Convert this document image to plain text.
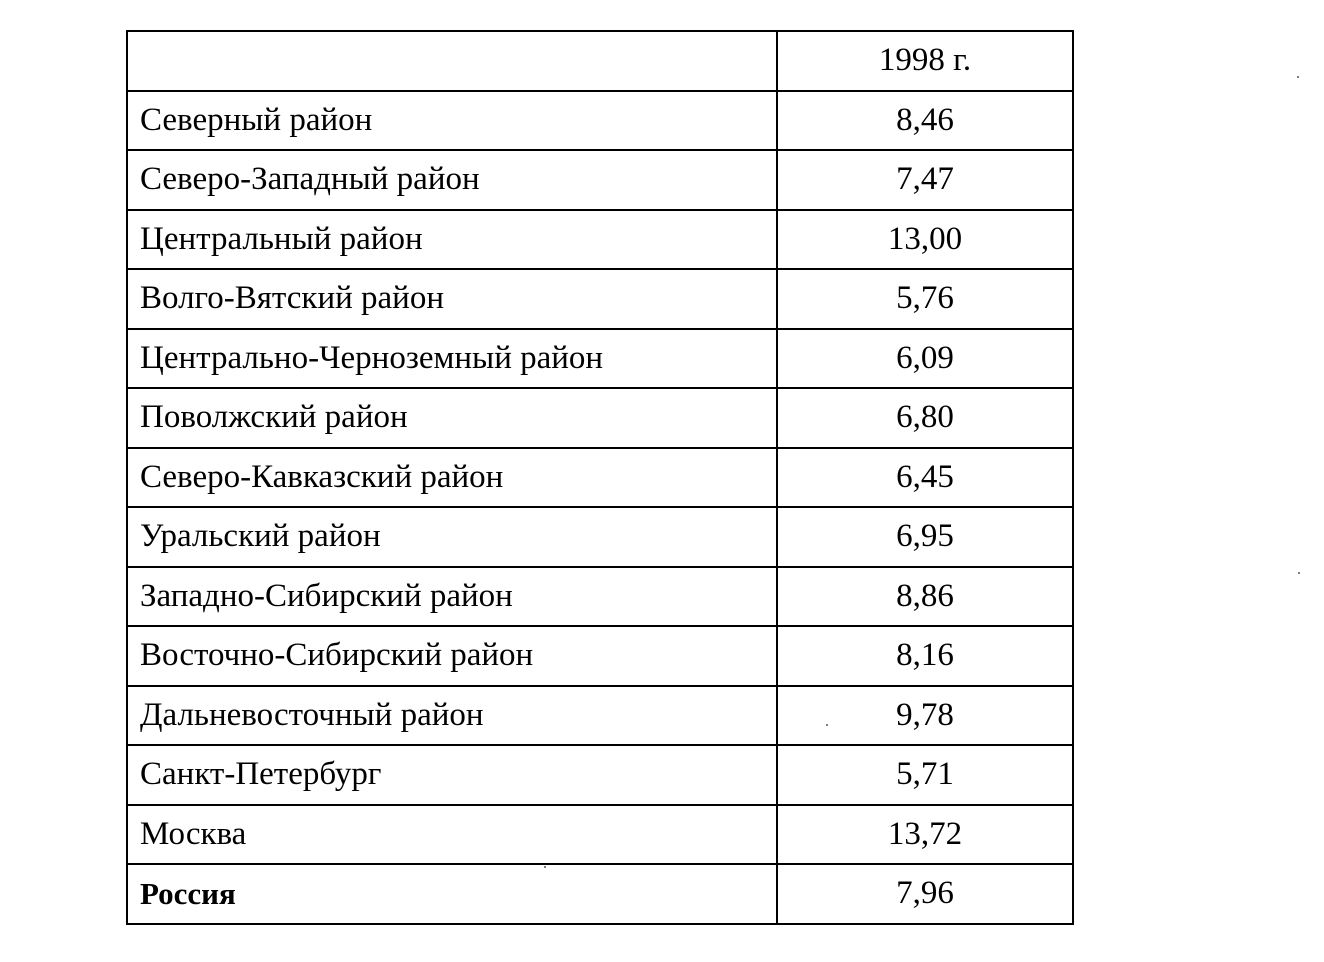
	1998 г.
Северный район	8,46
Северо-Западный район	7,47
Центральный район	13,00
Волго-Вятский район	5,76
Центрально-Черноземный район	6,09
Поволжский район	6,80
Северо-Кавказский район	6,45
Уральский район	6,95
Западно-Сибирский район	8,86
Восточно-Сибирский район	8,16
Дальневосточный район	9,78
Санкт-Петербург	5,71
Москва	13,72
Россия	7,96
